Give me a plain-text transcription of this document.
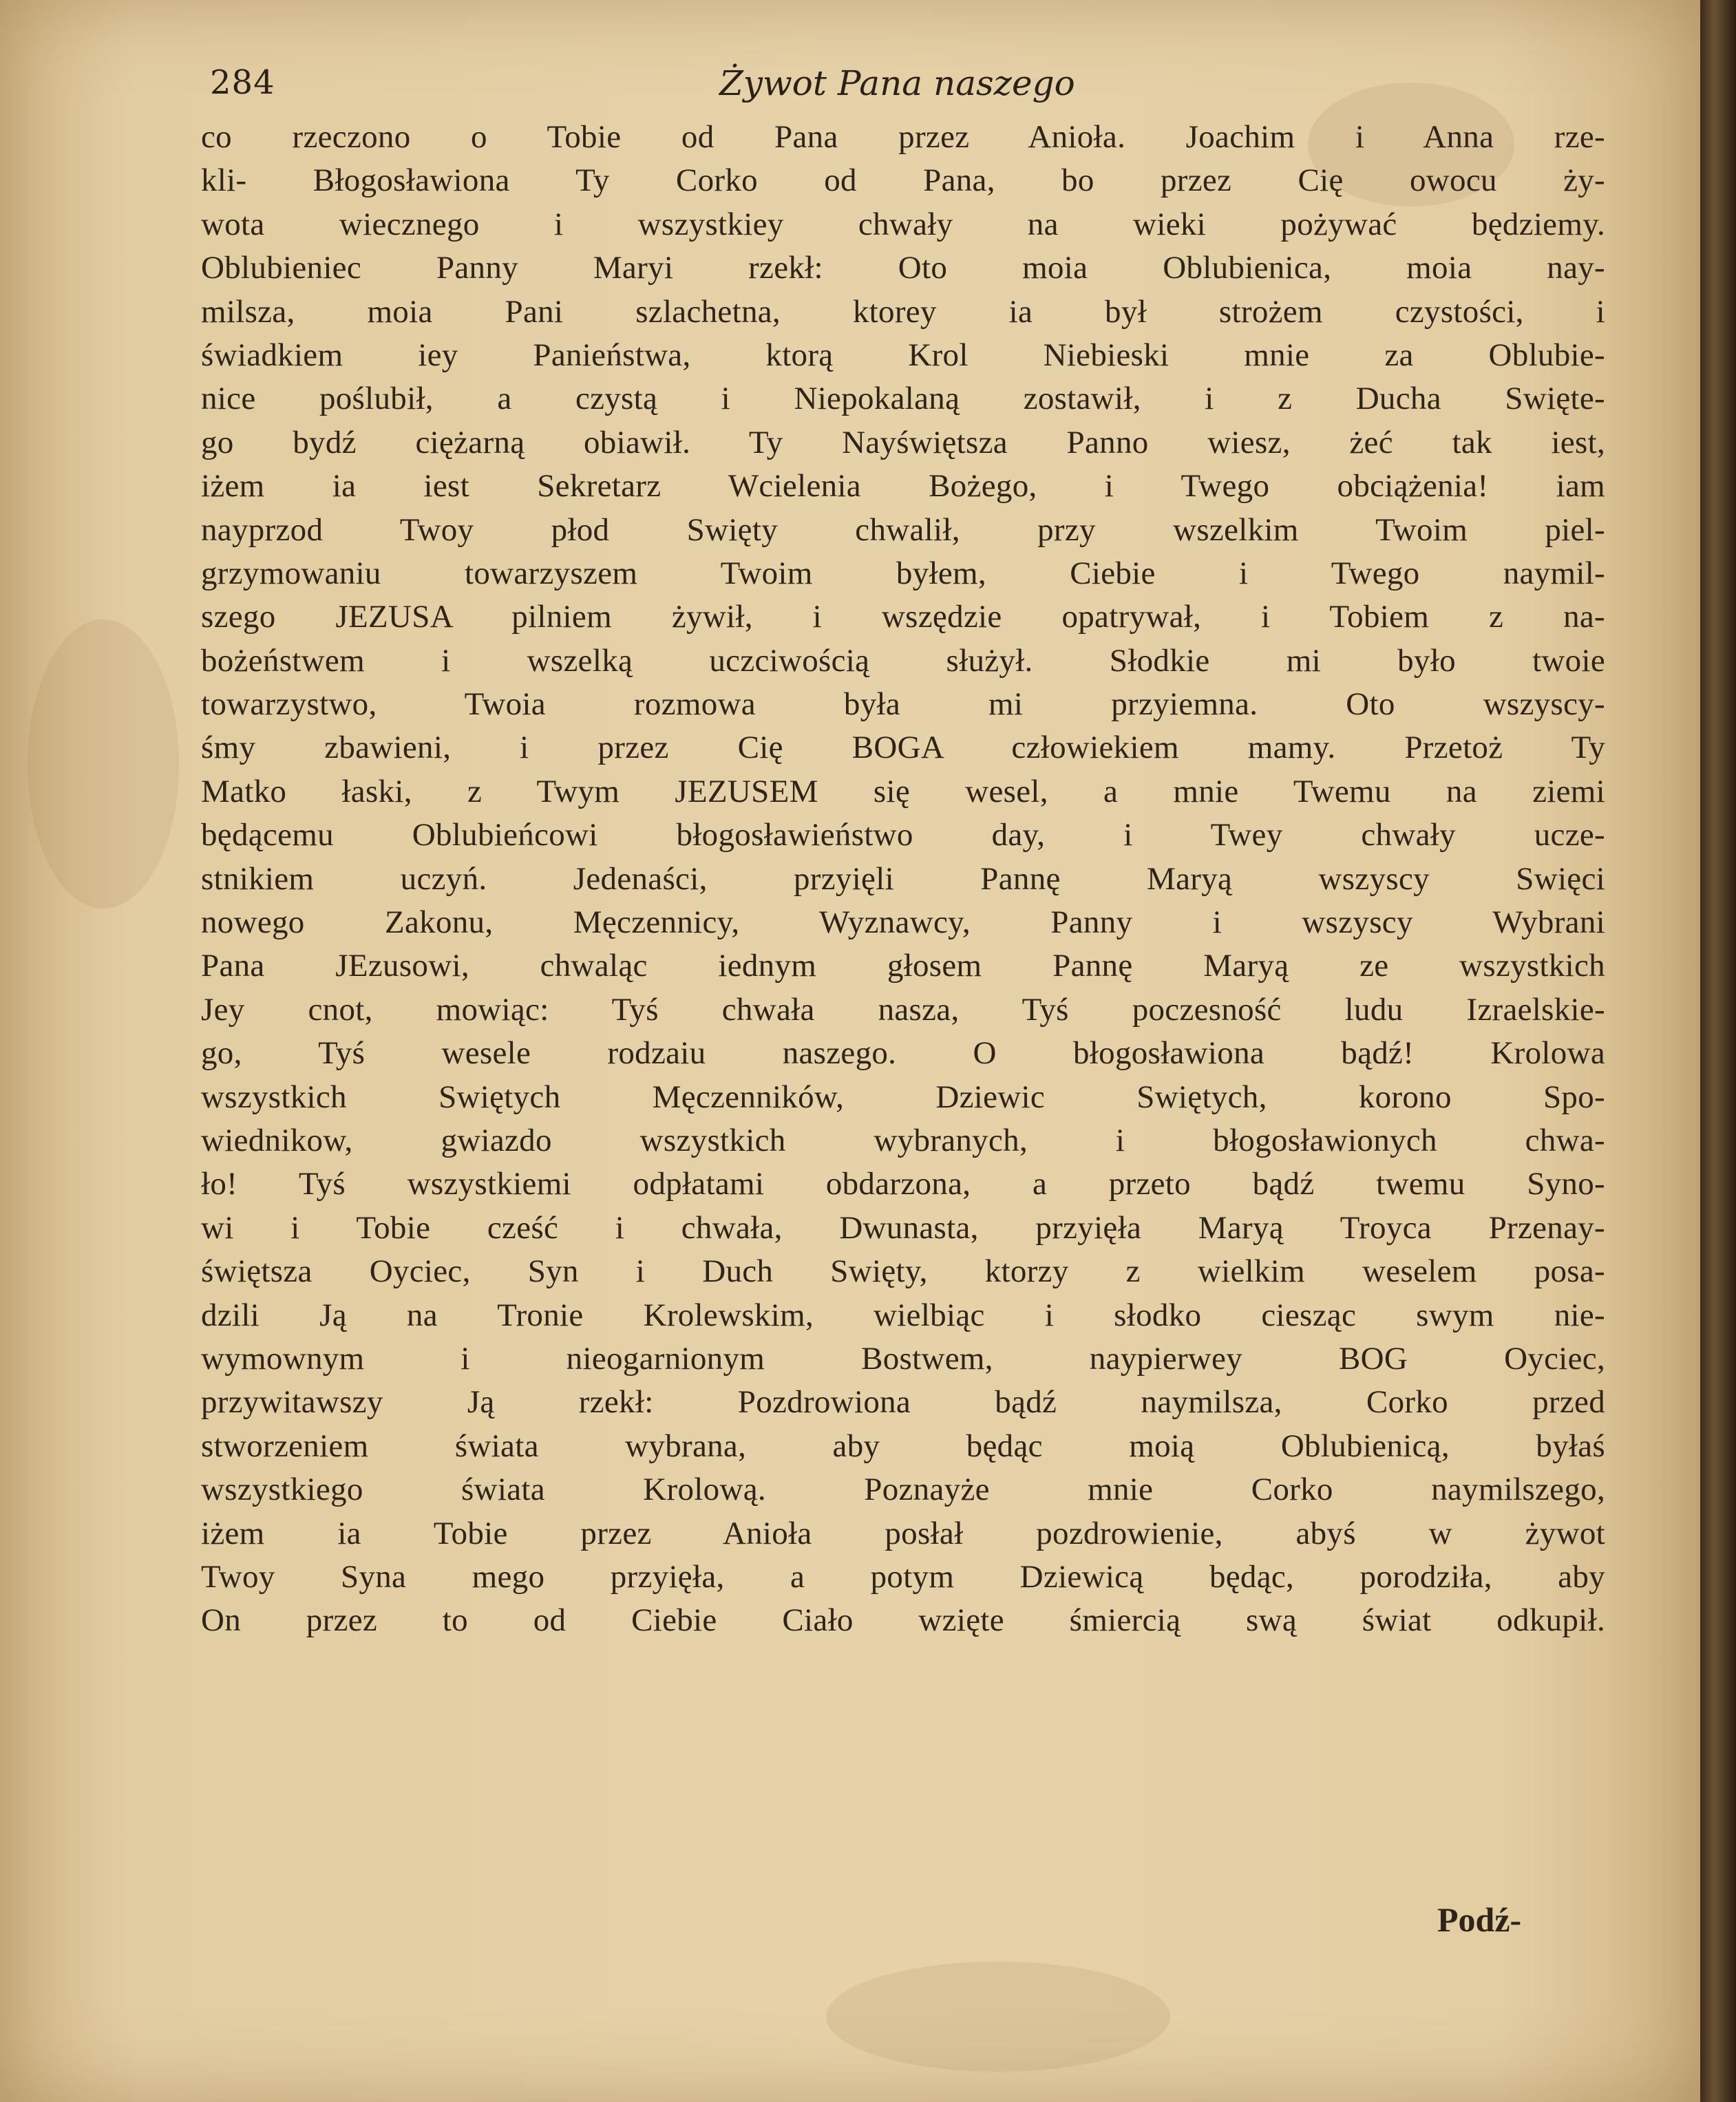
284	Żywot Pana naszego
co rzeczono o Tobie od Pana przez Anioła. Joachim i Anna rze-
kli- Błogosławiona Ty Corko od Pana, bo przez Cię owocu ży-
wota wiecznego i wszystkiey chwały na wieki pożywać będziemy.
Oblubieniec Panny Maryi rzekł: Oto moia Oblubienica, moia nay-
milsza, moia Pani szlachetna, ktorey ia był strożem czystości, i
świadkiem iey Panieństwa, ktorą Krol Niebieski mnie za Oblubie-
nice poślubił, a czystą i Niepokalaną zostawił, i z Ducha Swięte-
go bydź ciężarną obiawił. Ty Nayświętsza Panno wiesz, żeć tak iest,
iżem ia iest Sekretarz Wcielenia Bożego, i Twego obciążenia! iam
nayprzod Twoy płod Swięty chwalił, przy wszelkim Twoim piel-
grzymowaniu towarzyszem Twoim byłem, Ciebie i Twego naymil-
szego JEZUSA pilniem żywił, i wszędzie opatrywał, i Tobiem z na-
bożeństwem i wszelką uczciwością służył. Słodkie mi było twoie
towarzystwo, Twoia rozmowa była mi przyiemna. Oto wszyscy-
śmy zbawieni, i przez Cię BOGA człowiekiem mamy. Przetoż Ty
Matko łaski, z Twym JEZUSEM się wesel, a mnie Twemu na ziemi
będącemu Oblubieńcowi błogosławieństwo day, i Twey chwały ucze-
stnikiem uczyń. Jedenaści, przyięli Pannę Maryą wszyscy Swięci
nowego Zakonu, Męczennicy, Wyznawcy, Panny i wszyscy Wybrani
Pana JEzusowi, chwaląc iednym głosem Pannę Maryą ze wszystkich
Jey cnot, mowiąc: Tyś chwała nasza, Tyś poczesność ludu Izraelskie-
go, Tyś wesele rodzaiu naszego. O błogosławiona bądź! Krolowa
wszystkich Swiętych Męczenników, Dziewic Swiętych, korono Spo-
wiednikow, gwiazdo wszystkich wybranych, i błogosławionych chwa-
ło! Tyś wszystkiemi odpłatami obdarzona, a przeto bądź twemu Syno-
wi i Tobie cześć i chwała, Dwunasta, przyięła Maryą Troyca Przenay-
świętsza Oyciec, Syn i Duch Swięty, ktorzy z wielkim weselem posa-
dzili Ją na Tronie Krolewskim, wielbiąc i słodko ciesząc swym nie-
wymownym i nieogarnionym Bostwem, naypierwey BOG Oyciec,
przywitawszy Ją rzekł: Pozdrowiona bądź naymilsza, Corko przed
stworzeniem świata wybrana, aby będąc moią Oblubienicą, byłaś
wszystkiego świata Krolową. Poznayże mnie Corko naymilszego,
iżem ia Tobie przez Anioła posłał pozdrowienie, abyś w żywot
Twoy Syna mego przyięła, a potym Dziewicą będąc, porodziła, aby
On przez to od Ciebie Ciało wzięte śmiercią swą świat odkupił.
Podź-
